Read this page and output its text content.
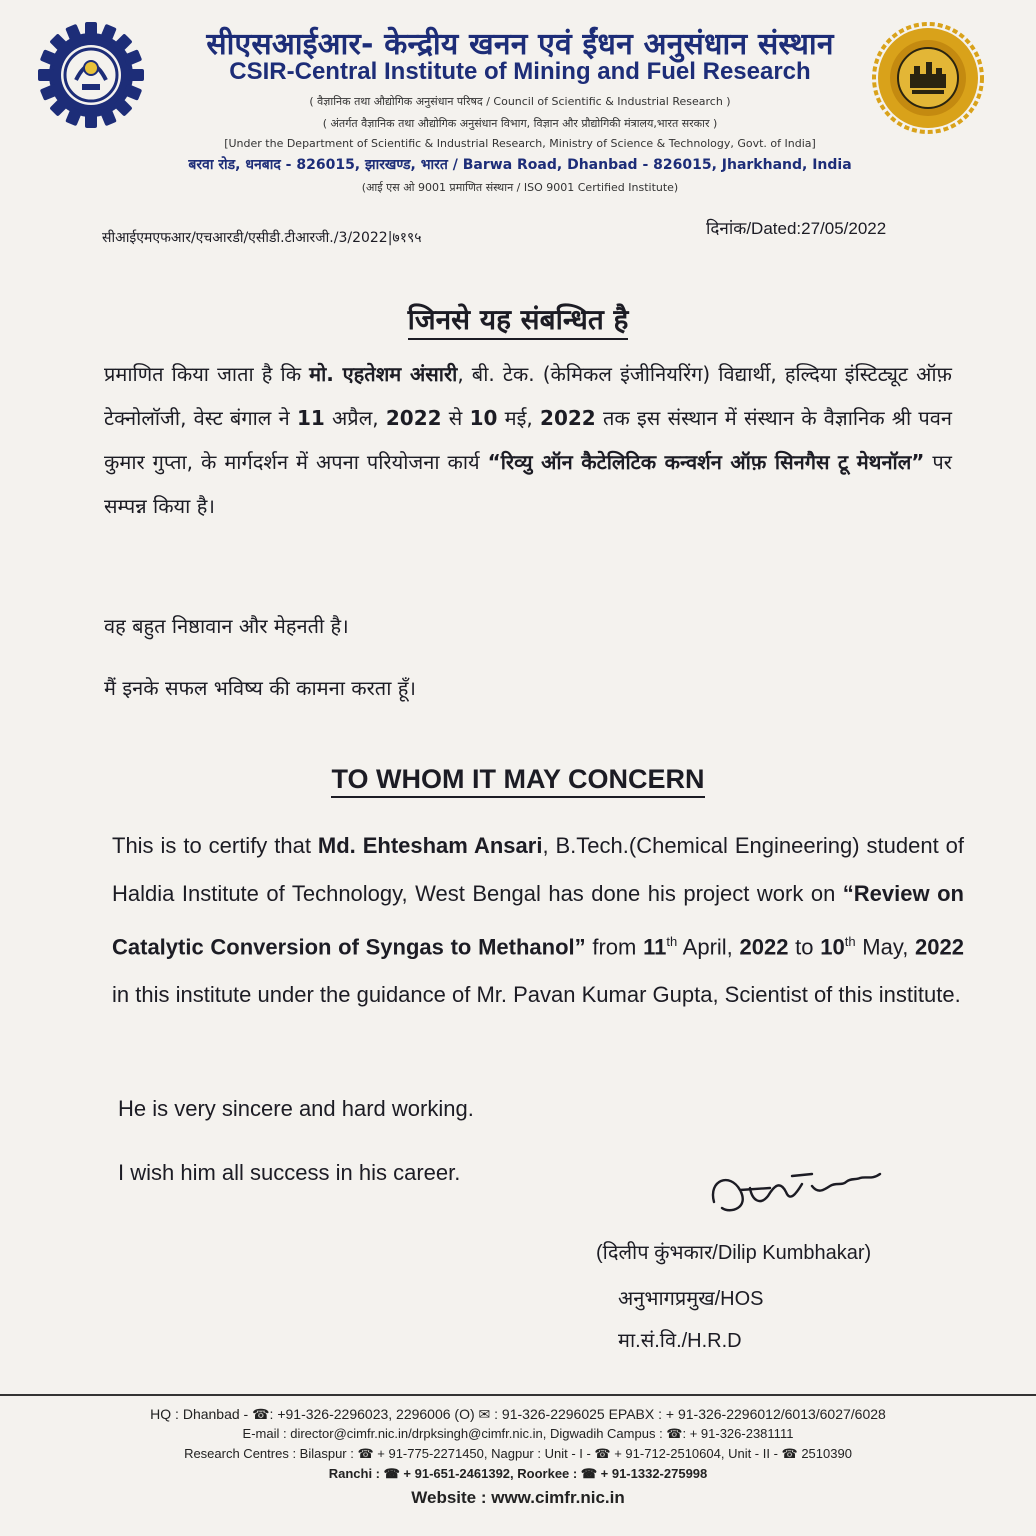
सीएसआईआर- केन्द्रीय खनन एवं ईंधन अनुसंधान संस्थान
CSIR-Central Institute of Mining and Fuel Research
( वैज्ञानिक तथा औद्योगिक अनुसंधान परिषद / Council of Scientific & Industrial Research )
( अंतर्गत वैज्ञानिक तथा औद्योगिक अनुसंधान विभाग, विज्ञान और प्रौद्योगिकी मंत्रालय,भारत सरकार )
[Under the Department of Scientific & Industrial Research, Ministry of Science & Technology, Govt. of India]
बरवा रोड, धनबाद - 826015, झारखण्ड, भारत / Barwa Road, Dhanbad - 826015, Jharkhand, India
(आई एस ओ 9001 प्रमाणित संस्थान / ISO 9001 Certified Institute)
सीआईएमएफआर/एचआरडी/एसीडी.टीआरजी./3/2022|७१९५	दिनांक/Dated:27/05/2022
जिनसे यह संबन्धित है
प्रमाणित किया जाता है कि मो. एहतेशम अंसारी, बी. टेक. (केमिकल इंजीनियरिंग) विद्यार्थी, हल्दिया इंस्टिट्यूट ऑफ़ टेक्नोलॉजी, वेस्ट बंगाल ने 11 अप्रैल, 2022 से 10 मई, 2022 तक इस संस्थान में संस्थान के वैज्ञानिक श्री पवन कुमार गुप्ता, के मार्गदर्शन में अपना परियोजना कार्य “रिव्यु ऑन कैटेलिटिक कन्वर्शन ऑफ़ सिनगैस टू मेथनॉल” पर सम्पन्न किया है।
वह बहुत निष्ठावान और मेहनती है।
मैं इनके सफल भविष्य की कामना करता हूँ।
TO WHOM IT MAY CONCERN
This is to certify that Md. Ehtesham Ansari, B.Tech.(Chemical Engineering) student of Haldia Institute of Technology, West Bengal has done his project work on “Review on Catalytic Conversion of Syngas to Methanol” from 11th April, 2022 to 10th May, 2022 in this institute under the guidance of Mr. Pavan Kumar Gupta, Scientist of this institute.
He is very sincere and hard working.
I wish him all success in his career.
(दिलीप कुंभकार/Dilip Kumbhakar)
अनुभागप्रमुख/HOS
मा.सं.वि./H.R.D
HQ : Dhanbad - ☎: +91-326-2296023, 2296006 (O) ✉ : 91-326-2296025 EPABX : + 91-326-2296012/6013/6027/6028
E-mail : director@cimfr.nic.in/drpksingh@cimfr.nic.in, Digwadih Campus : ☎: + 91-326-2381111
Research Centres : Bilaspur : ☎ + 91-775-2271450, Nagpur : Unit - I - ☎ + 91-712-2510604, Unit - II - ☎ 2510390
Ranchi : ☎ + 91-651-2461392, Roorkee : ☎ + 91-1332-275998
Website : www.cimfr.nic.in
